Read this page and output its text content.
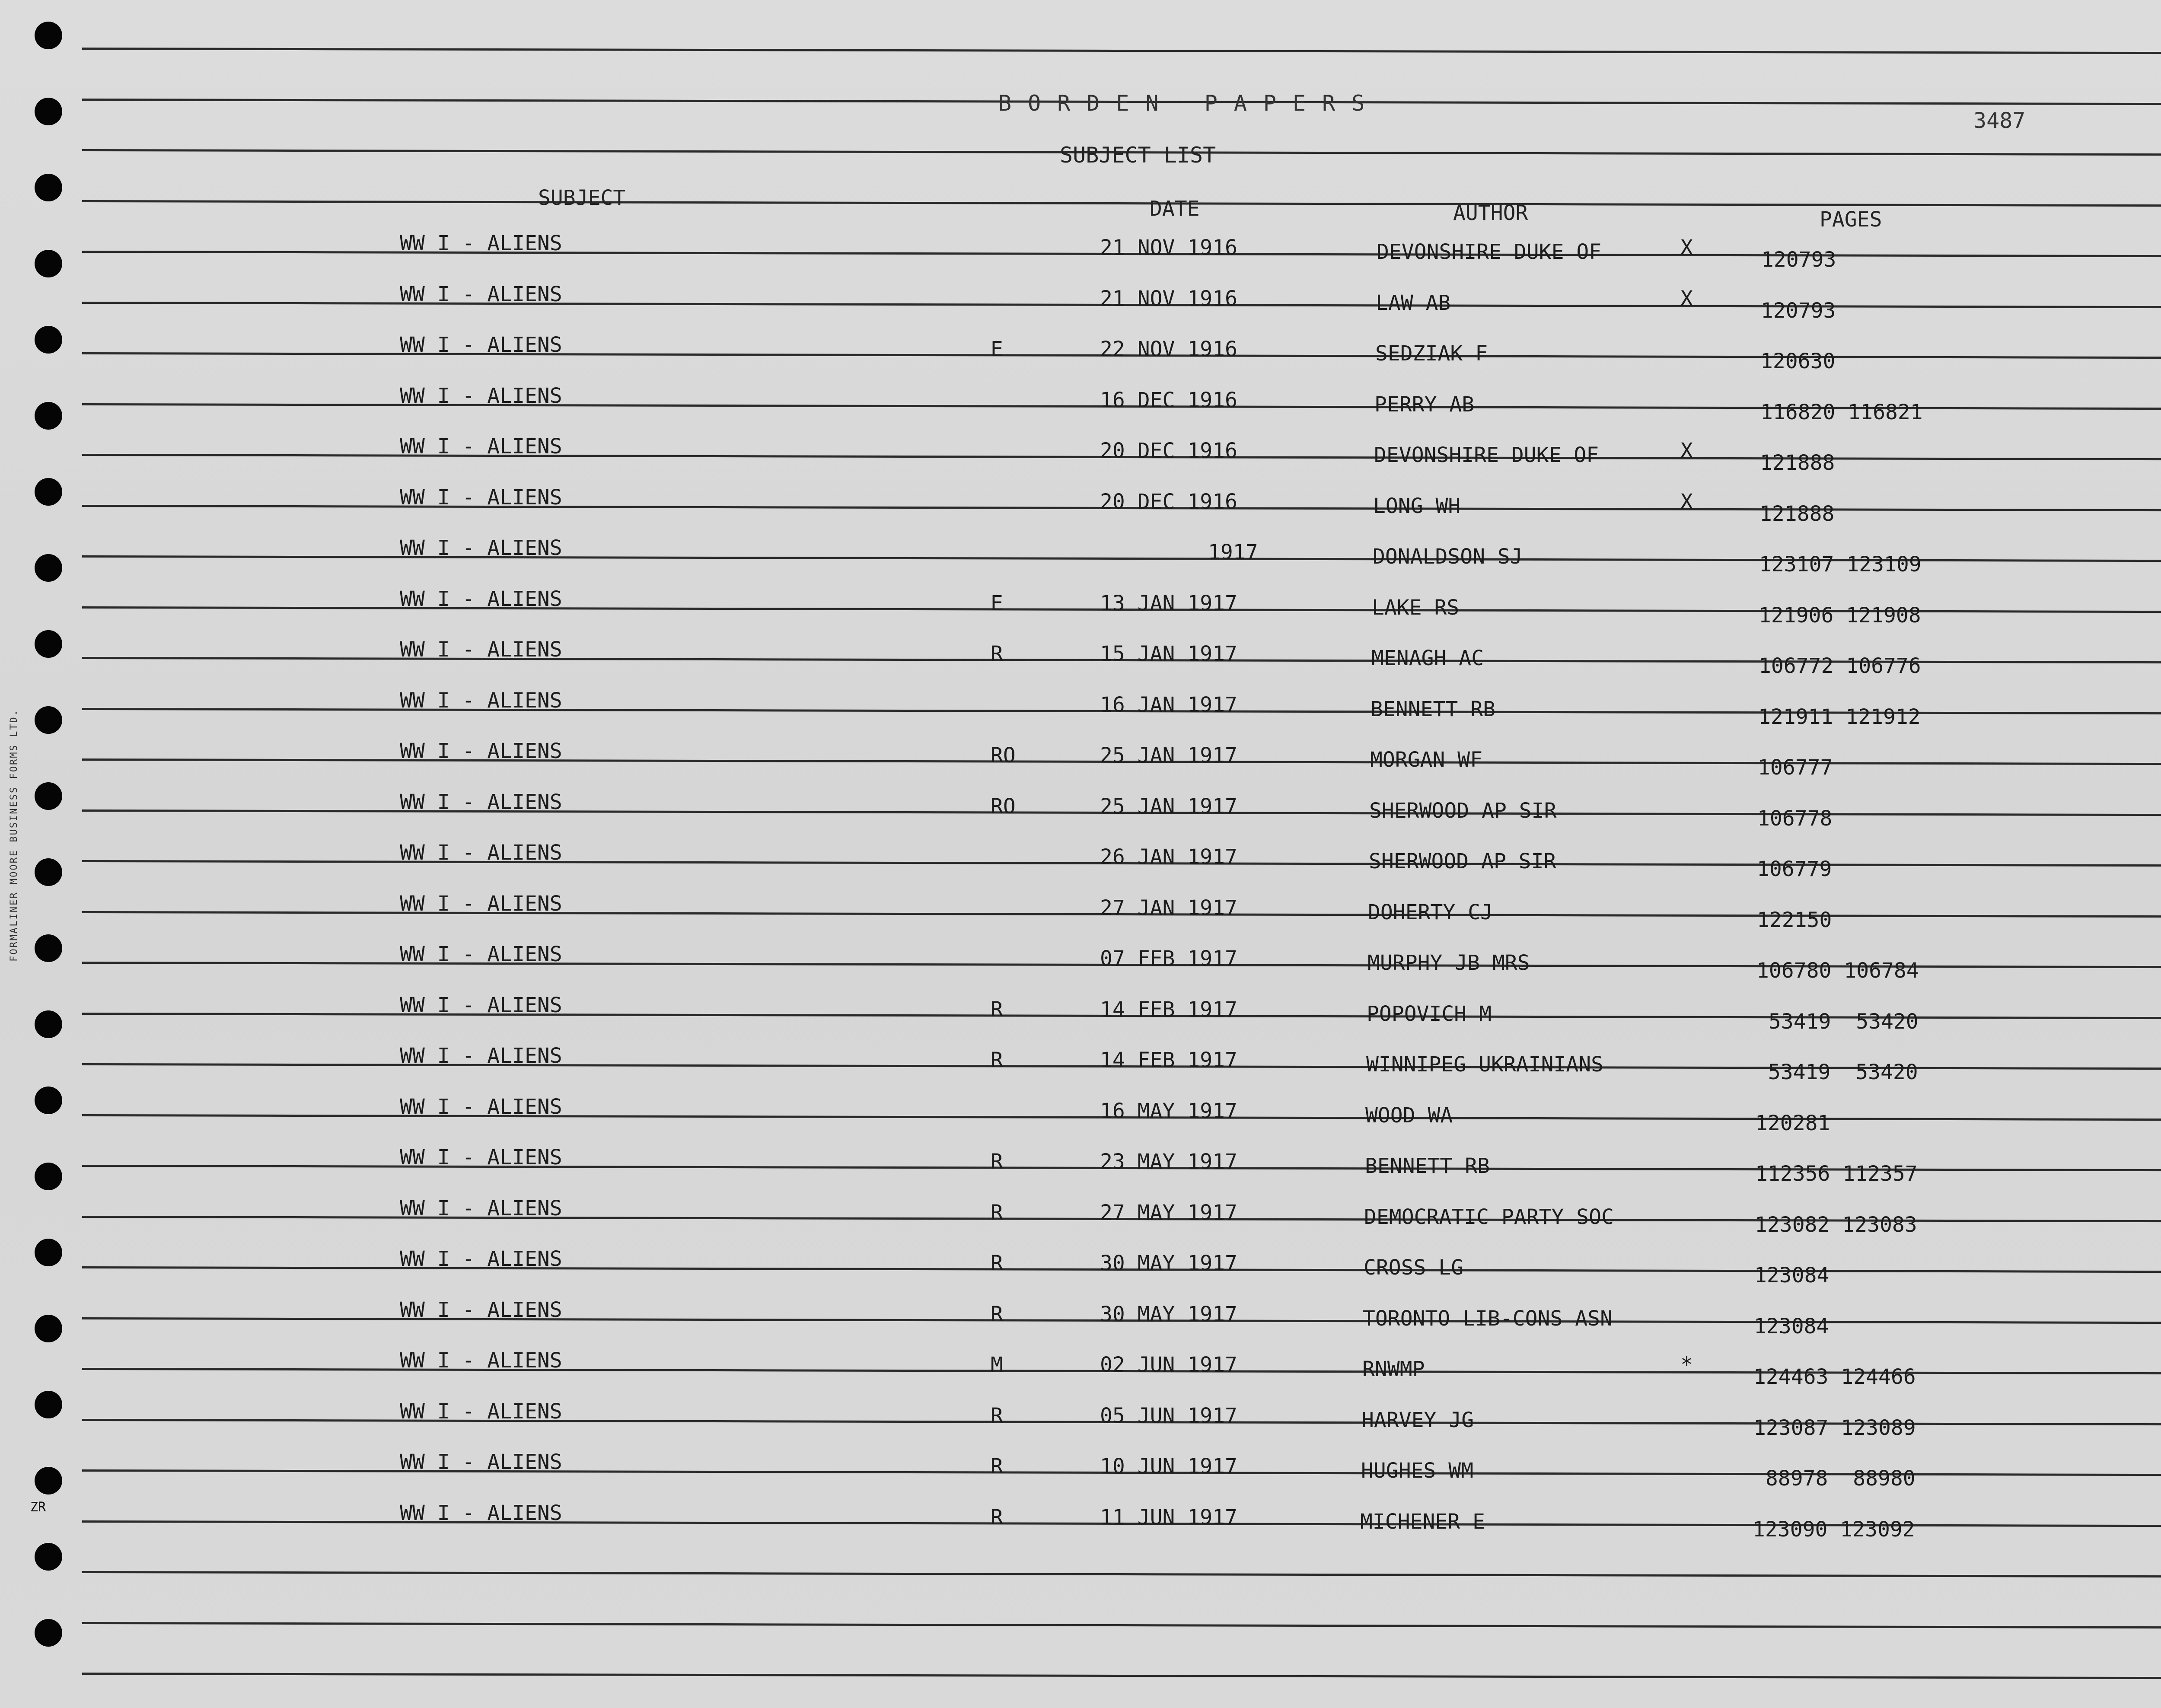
FORMALINER MOORE BUSINESS FORMS LTD.
ZR
BORDEN PAPERS
3487
SUBJECT LIST
SUBJECT	DATE	AUTHOR	PAGES
WW I - ALIENS	21 NOV 1916	DEVONSHIRE DUKE OF	X	120793
WW I - ALIENS	21 NOV 1916	LAW AB	X	120793
WW I - ALIENS	E	22 NOV 1916	SEDZIAK F	120630
WW I - ALIENS	16 DEC 1916	PERRY AB	116820 116821
WW I - ALIENS	20 DEC 1916	DEVONSHIRE DUKE OF	X	121888
WW I - ALIENS	20 DEC 1916	LONG WH	X	121888
WW I - ALIENS	1917	DONALDSON SJ	123107 123109
WW I - ALIENS	E	13 JAN 1917	LAKE RS	121906 121908
WW I - ALIENS	R	15 JAN 1917	MENAGH AC	106772 106776
WW I - ALIENS	16 JAN 1917	BENNETT RB	121911 121912
WW I - ALIENS	RO	25 JAN 1917	MORGAN WF	106777
WW I - ALIENS	RO	25 JAN 1917	SHERWOOD AP SIR	106778
WW I - ALIENS	26 JAN 1917	SHERWOOD AP SIR	106779
WW I - ALIENS	27 JAN 1917	DOHERTY CJ	122150
WW I - ALIENS	07 FEB 1917	MURPHY JB MRS	106780 106784
WW I - ALIENS	R	14 FEB 1917	POPOVICH M	53419  53420
WW I - ALIENS	R	14 FEB 1917	WINNIPEG UKRAINIANS	53419  53420
WW I - ALIENS	16 MAY 1917	WOOD WA	120281
WW I - ALIENS	R	23 MAY 1917	BENNETT RB	112356 112357
WW I - ALIENS	R	27 MAY 1917	DEMOCRATIC PARTY SOC	123082 123083
WW I - ALIENS	R	30 MAY 1917	CROSS LG	123084
WW I - ALIENS	R	30 MAY 1917	TORONTO LIB-CONS ASN	123084
WW I - ALIENS	M	02 JUN 1917	RNWMP	*	124463 124466
WW I - ALIENS	R	05 JUN 1917	HARVEY JG	123087 123089
WW I - ALIENS	R	10 JUN 1917	HUGHES WM	88978  88980
WW I - ALIENS	R	11 JUN 1917	MICHENER E	123090 123092
